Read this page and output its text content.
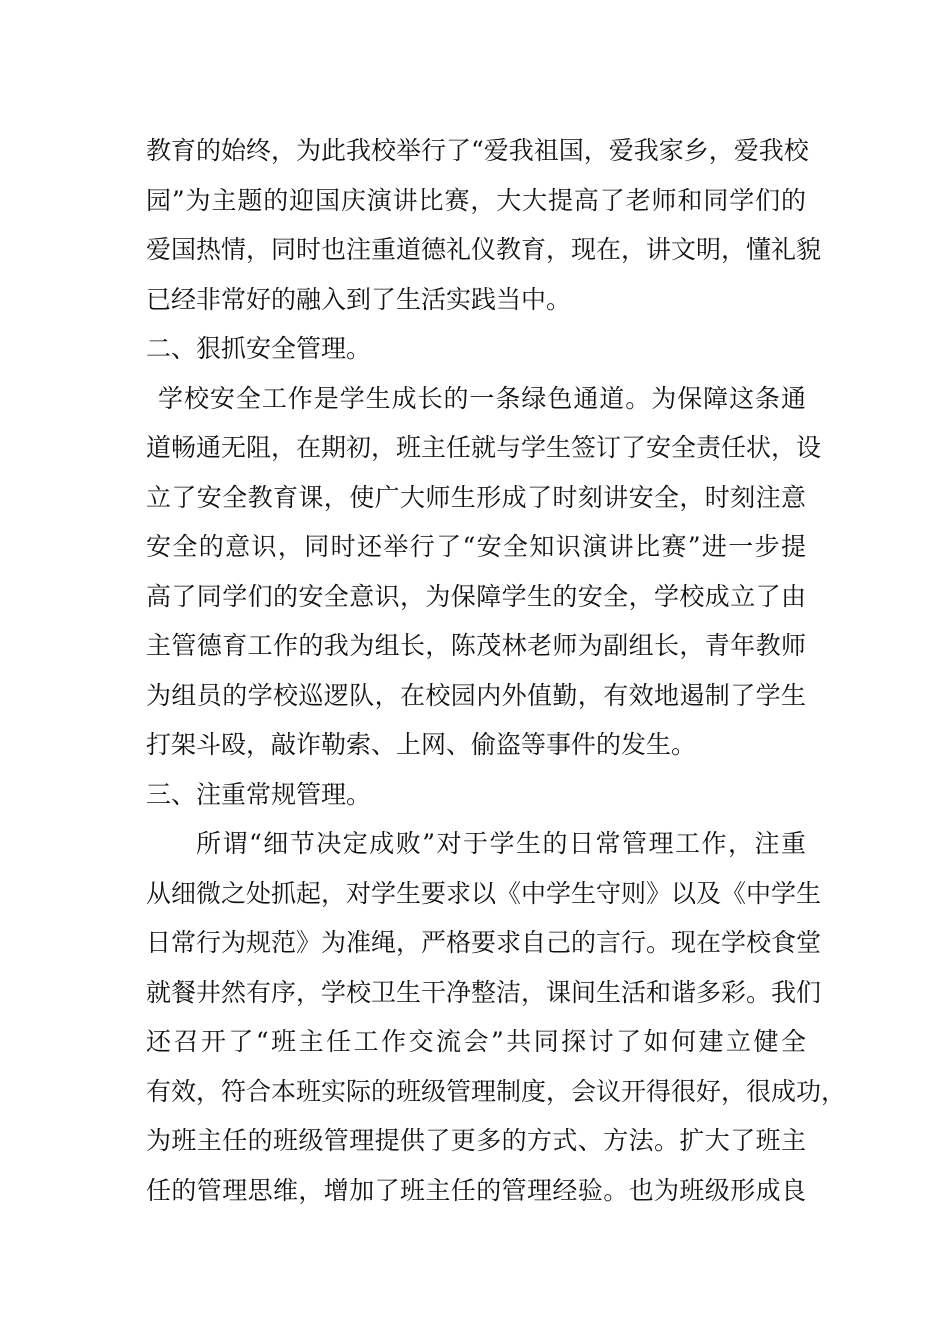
教育的始终，为此我校举行了“爱我祖国，爱我家乡，爱我校
园”为主题的迎国庆演讲比赛，大大提高了老师和同学们的
爱国热情，同时也注重道德礼仪教育，现在，讲文明，懂礼貌
已经非常好的融入到了生活实践当中。
二、狠抓安全管理。
学校安全工作是学生成长的一条绿色通道。为保障这条通
道畅通无阻，在期初，班主任就与学生签订了安全责任状，设
立了安全教育课，使广大师生形成了时刻讲安全，时刻注意
安全的意识，同时还举行了“安全知识演讲比赛”进一步提
高了同学们的安全意识，为保障学生的安全，学校成立了由
主管德育工作的我为组长，陈茂林老师为副组长，青年教师
为组员的学校巡逻队，在校园内外值勤，有效地遏制了学生
打架斗殴，敲诈勒索、上网、偷盗等事件的发生。
三、注重常规管理。
所谓“细节决定成败”对于学生的日常管理工作，注重
从细微之处抓起，对学生要求以《中学生守则》以及《中学生
日常行为规范》为准绳，严格要求自己的言行。现在学校食堂
就餐井然有序，学校卫生干净整洁，课间生活和谐多彩。我们
还召开了“班主任工作交流会”共同探讨了如何建立健全
有效，符合本班实际的班级管理制度，会议开得很好，很成功，
为班主任的班级管理提供了更多的方式、方法。扩大了班主
任的管理思维，增加了班主任的管理经验。也为班级形成良
